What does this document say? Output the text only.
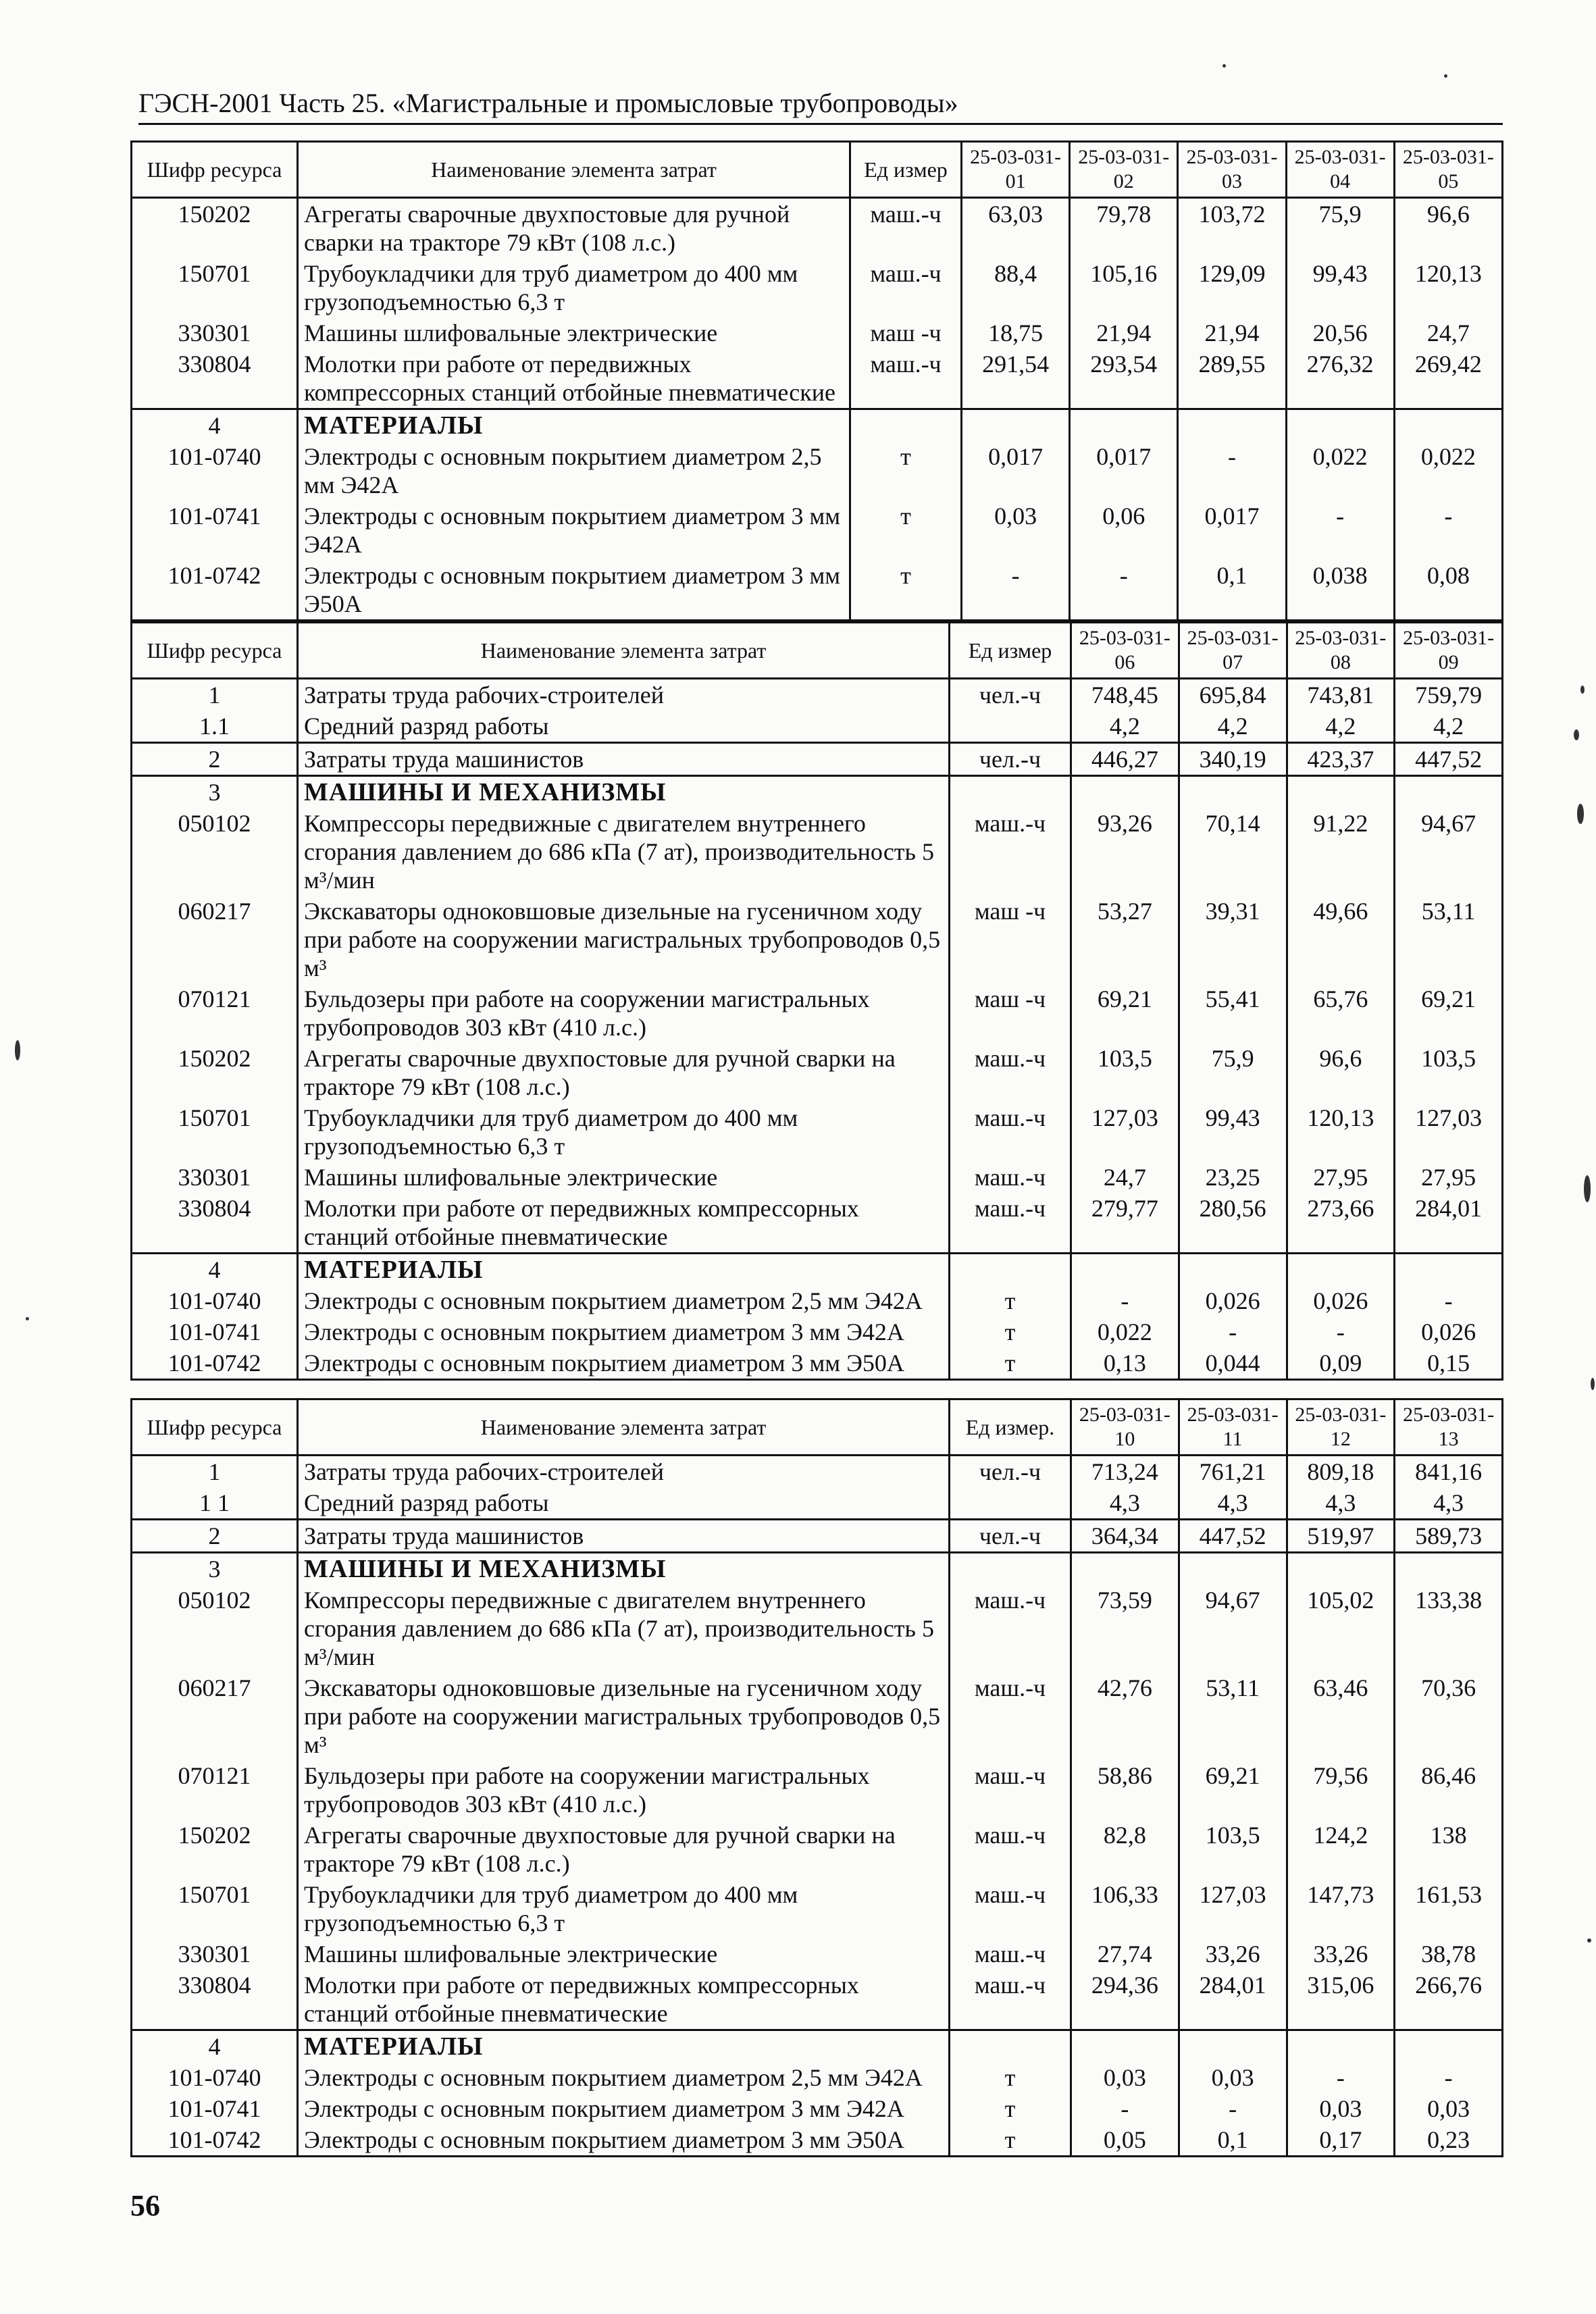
ГЭСН-2001 Часть 25. «Магистральные и промысловые трубопроводы»
Шифр ресурса	Наименование элемента затрат	Ед измер	25-03-031-01	25-03-031-02	25-03-031-03	25-03-031-04	25-03-031-05
150202	Агрегаты сварочные двухпостовые для ручной сварки на тракторе 79 кВт (108 л.с.)	маш.-ч	63,03	79,78	103,72	75,9	96,6
150701	Трубоукладчики для труб диаметром до 400 мм грузоподъемностью 6,3 т	маш.-ч	88,4	105,16	129,09	99,43	120,13
330301	Машины шлифовальные электрические	маш -ч	18,75	21,94	21,94	20,56	24,7
330804	Молотки при работе от передвижных компрессорных станций отбойные пневматические	маш.-ч	291,54	293,54	289,55	276,32	269,42
4	МАТЕРИАЛЫ						
101-0740	Электроды с основным покрытием диаметром 2,5 мм Э42А	т	0,017	0,017	-	0,022	0,022
101-0741	Электроды с основным покрытием диаметром 3 мм Э42А	т	0,03	0,06	0,017	-	-
101-0742	Электроды с основным покрытием диаметром 3 мм Э50А	т	-	-	0,1	0,038	0,08
Шифр ресурса	Наименование элемента затрат	Ед измер	25-03-031-06	25-03-031-07	25-03-031-08	25-03-031-09
1	Затраты труда рабочих-строителей	чел.-ч	748,45	695,84	743,81	759,79
1.1	Средний разряд работы		4,2	4,2	4,2	4,2
2	Затраты труда машинистов	чел.-ч	446,27	340,19	423,37	447,52
3	МАШИНЫ И МЕХАНИЗМЫ					
050102	Компрессоры передвижные с двигателем внутреннего сгорания давлением до 686 кПа (7 ат), производительность 5 м³/мин	маш.-ч	93,26	70,14	91,22	94,67
060217	Экскаваторы одноковшовые дизельные на гусеничном ходу при работе на сооружении магистральных трубопроводов 0,5 м³	маш -ч	53,27	39,31	49,66	53,11
070121	Бульдозеры при работе на сооружении магистральных трубопроводов 303 кВт (410 л.с.)	маш -ч	69,21	55,41	65,76	69,21
150202	Агрегаты сварочные двухпостовые для ручной сварки на тракторе 79 кВт (108 л.с.)	маш.-ч	103,5	75,9	96,6	103,5
150701	Трубоукладчики для труб диаметром до 400 мм грузоподъемностью 6,3 т	маш.-ч	127,03	99,43	120,13	127,03
330301	Машины шлифовальные электрические	маш.-ч	24,7	23,25	27,95	27,95
330804	Молотки при работе от передвижных компрессорных станций отбойные пневматические	маш.-ч	279,77	280,56	273,66	284,01
4	МАТЕРИАЛЫ					
101-0740	Электроды с основным покрытием диаметром 2,5 мм Э42А	т	-	0,026	0,026	-
101-0741	Электроды с основным покрытием диаметром 3 мм Э42А	т	0,022	-	-	0,026
101-0742	Электроды с основным покрытием диаметром 3 мм Э50А	т	0,13	0,044	0,09	0,15
Шифр ресурса	Наименование элемента затрат	Ед измер.	25-03-031-10	25-03-031-11	25-03-031-12	25-03-031-13
1	Затраты труда рабочих-строителей	чел.-ч	713,24	761,21	809,18	841,16
1 1	Средний разряд работы		4,3	4,3	4,3	4,3
2	Затраты труда машинистов	чел.-ч	364,34	447,52	519,97	589,73
3	МАШИНЫ И МЕХАНИЗМЫ					
050102	Компрессоры передвижные с двигателем внутреннего сгорания давлением до 686 кПа (7 ат), производительность 5 м³/мин	маш.-ч	73,59	94,67	105,02	133,38
060217	Экскаваторы одноковшовые дизельные на гусеничном ходу при работе на сооружении магистральных трубопроводов 0,5 м³	маш.-ч	42,76	53,11	63,46	70,36
070121	Бульдозеры при работе на сооружении магистральных трубопроводов 303 кВт (410 л.с.)	маш.-ч	58,86	69,21	79,56	86,46
150202	Агрегаты сварочные двухпостовые для ручной сварки на тракторе 79 кВт (108 л.с.)	маш.-ч	82,8	103,5	124,2	138
150701	Трубоукладчики для труб диаметром до 400 мм грузоподъемностью 6,3 т	маш.-ч	106,33	127,03	147,73	161,53
330301	Машины шлифовальные электрические	маш.-ч	27,74	33,26	33,26	38,78
330804	Молотки при работе от передвижных компрессорных станций отбойные пневматические	маш.-ч	294,36	284,01	315,06	266,76
4	МАТЕРИАЛЫ					
101-0740	Электроды с основным покрытием диаметром 2,5 мм Э42А	т	0,03	0,03	-	-
101-0741	Электроды с основным покрытием диаметром 3 мм Э42А	т	-	-	0,03	0,03
101-0742	Электроды с основным покрытием диаметром 3 мм Э50А	т	0,05	0,1	0,17	0,23
56
